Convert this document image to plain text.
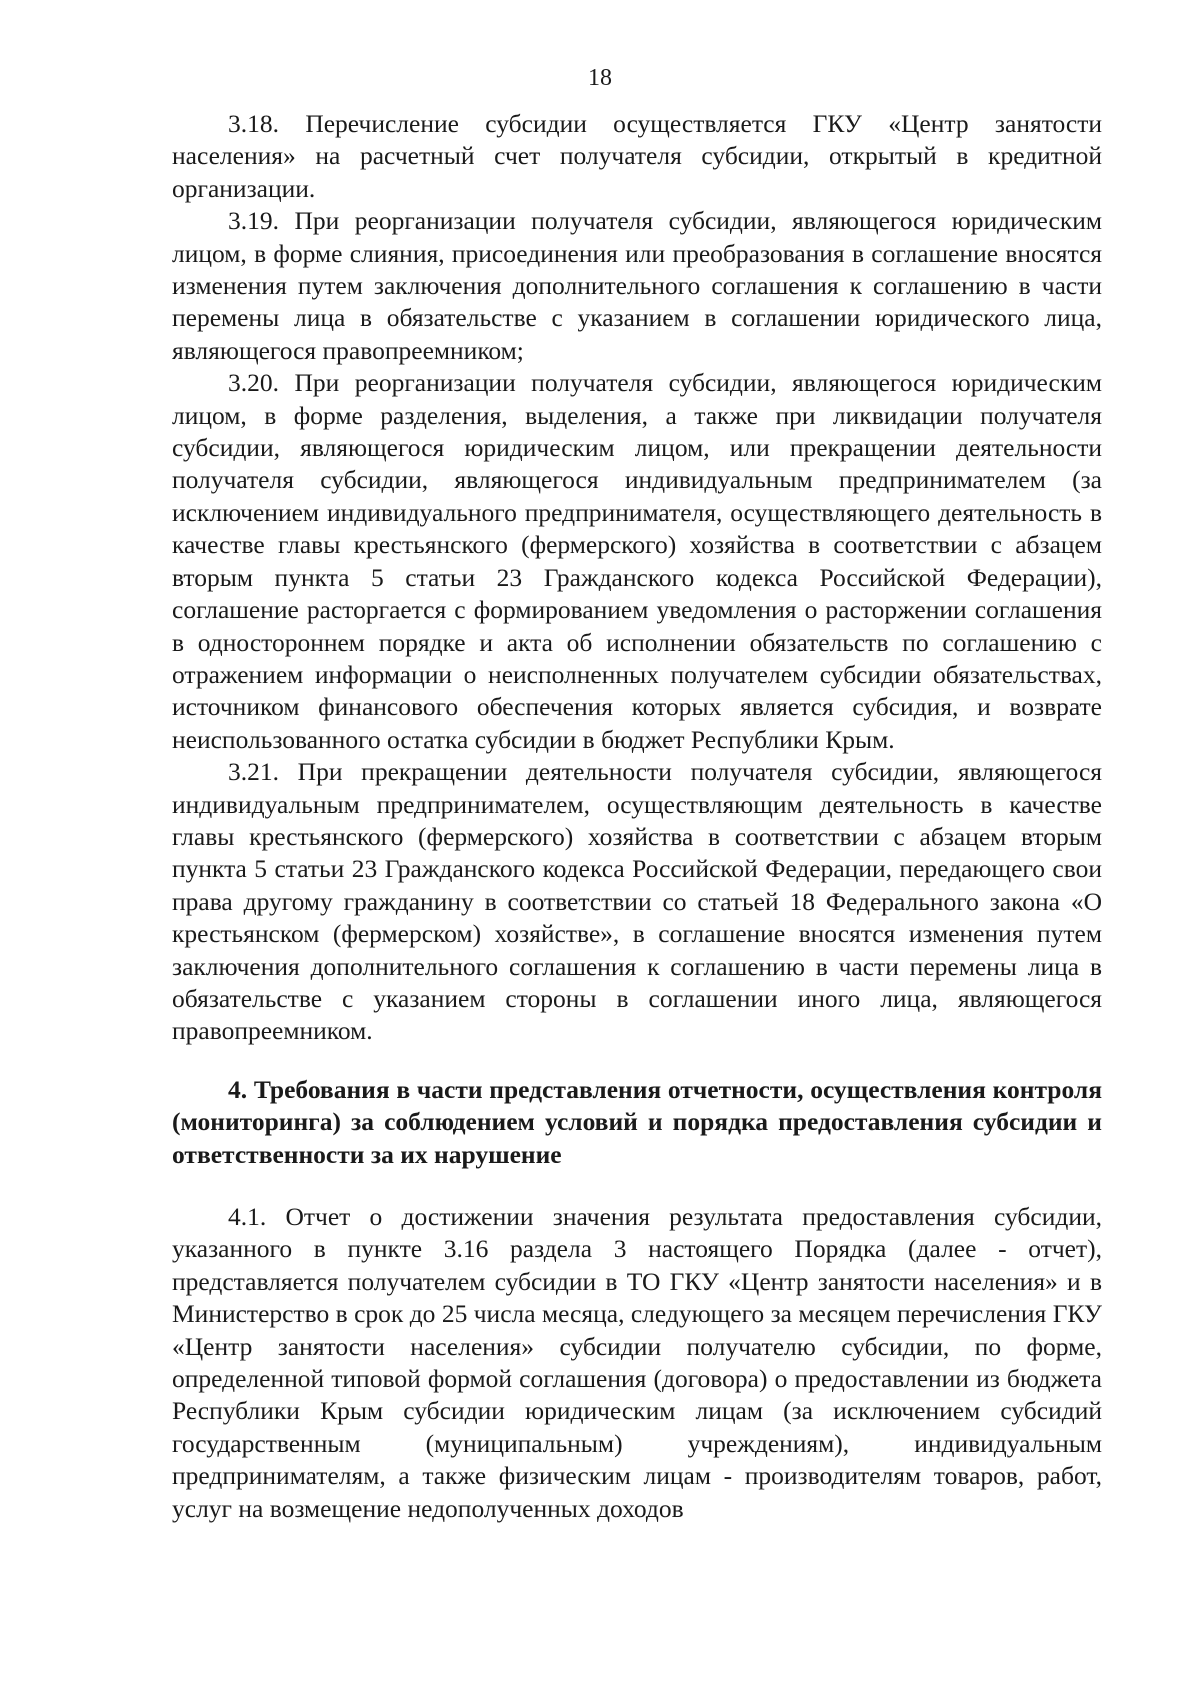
18

3.18. Перечисление субсидии осуществляется ГКУ «Центр занятости населения» на расчетный счет получателя субсидии, открытый в кредитной организации.

3.19. При реорганизации получателя субсидии, являющегося юридическим лицом, в форме слияния, присоединения или преобразования в соглашение вносятся изменения путем заключения дополнительного соглашения к соглашению в части перемены лица в обязательстве с указанием в соглашении юридического лица, являющегося правопреемником;

3.20. При реорганизации получателя субсидии, являющегося юридическим лицом, в форме разделения, выделения, а также при ликвидации получателя субсидии, являющегося юридическим лицом, или прекращении деятельности получателя субсидии, являющегося индивидуальным предпринимателем (за исключением индивидуального предпринимателя, осуществляющего деятельность в качестве главы крестьянского (фермерского) хозяйства в соответствии с абзацем вторым пункта 5 статьи 23 Гражданского кодекса Российской Федерации), соглашение расторгается с формированием уведомления о расторжении соглашения в одностороннем порядке и акта об исполнении обязательств по соглашению с отражением информации о неисполненных получателем субсидии обязательствах, источником финансового обеспечения которых является субсидия, и возврате неиспользованного остатка субсидии в бюджет Республики Крым.

3.21. При прекращении деятельности получателя субсидии, являющегося индивидуальным предпринимателем, осуществляющим деятельность в качестве главы крестьянского (фермерского) хозяйства в соответствии с абзацем вторым пункта 5 статьи 23 Гражданского кодекса Российской Федерации, передающего свои права другому гражданину в соответствии со статьей 18 Федерального закона «О крестьянском (фермерском) хозяйстве», в соглашение вносятся изменения путем заключения дополнительного соглашения к соглашению в части перемены лица в обязательстве с указанием стороны в соглашении иного лица, являющегося правопреемником.

4. Требования в части представления отчетности, осуществления контроля (мониторинга) за соблюдением условий и порядка предоставления субсидии и ответственности за их нарушение

4.1. Отчет о достижении значения результата предоставления субсидии, указанного в пункте 3.16 раздела 3 настоящего Порядка (далее - отчет), представляется получателем субсидии в ТО ГКУ «Центр занятости населения» и в Министерство в срок до 25 числа месяца, следующего за месяцем перечисления ГКУ «Центр занятости населения» субсидии получателю субсидии, по форме, определенной типовой формой соглашения (договора) о предоставлении из бюджета Республики Крым субсидии юридическим лицам (за исключением субсидий государственным (муниципальным) учреждениям), индивидуальным предпринимателям, а также физическим лицам - производителям товаров, работ, услуг на возмещение недополученных доходов
